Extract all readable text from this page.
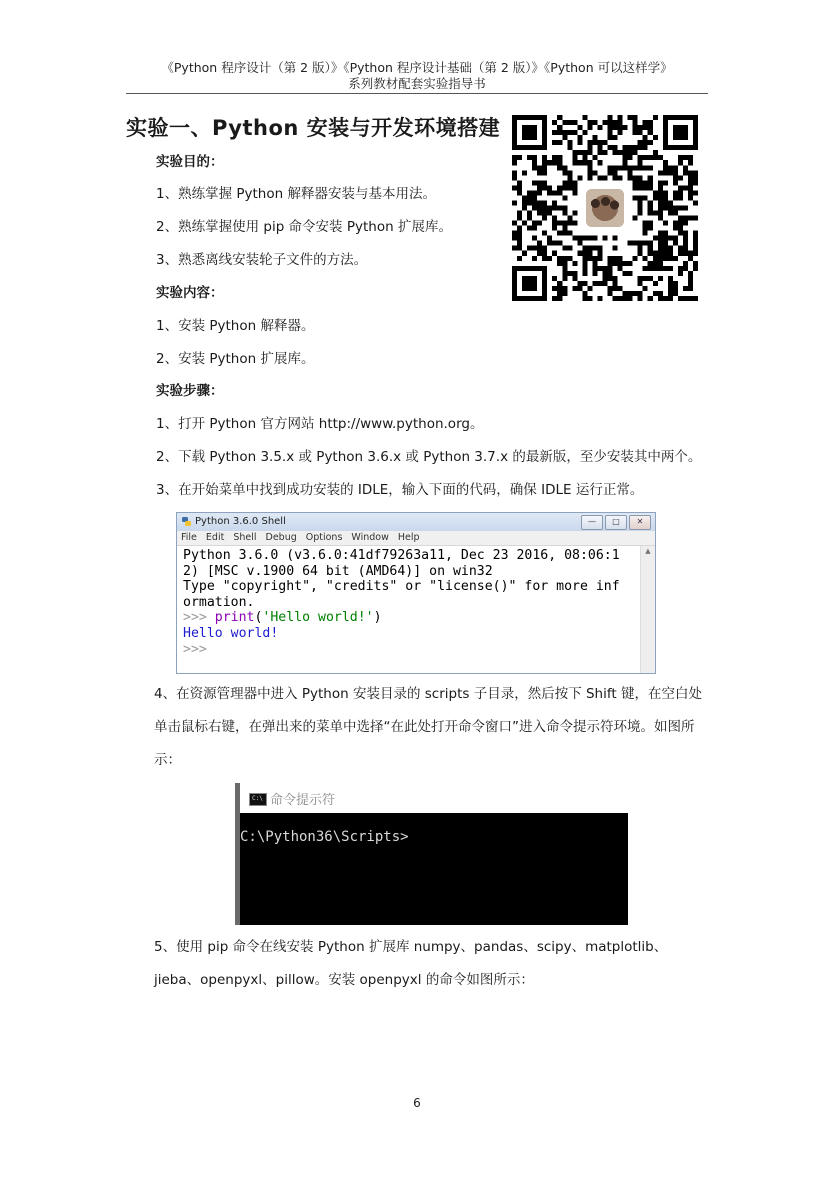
《Python 程序设计（第 2 版）》《Python 程序设计基础（第 2 版）》《Python 可以这样学》
系列教材配套实验指导书
实验一、Python 安装与开发环境搭建
实验目的：
1、熟练掌握 Python 解释器安装与基本用法。
2、熟练掌握使用 pip 命令安装 Python 扩展库。
3、熟悉离线安装轮子文件的方法。
实验内容：
1、安装 Python 解释器。
2、安装 Python 扩展库。
实验步骤：
1、打开 Python 官方网站 http://www.python.org。
2、下载 Python 3.5.x 或 Python 3.6.x 或 Python 3.7.x 的最新版，至少安装其中两个。
3、在开始菜单中找到成功安装的 IDLE，输入下面的代码，确保 IDLE 运行正常。
Python 3.6.0 Shell	—	□	✕
File Edit Shell Debug Options Window Help
Python 3.6.0 (v3.6.0:41df79263a11, Dec 23 2016, 08:06:1
2) [MSC v.1900 64 bit (AMD64)] on win32
Type "copyright", "credits" or "license()" for more inf
ormation.
>>> print('Hello world!')
Hello world!
>>>
▲
4、在资源管理器中进入 Python 安装目录的 scripts 子目录，然后按下 Shift 键，在空白处单击鼠标右键，在弹出来的菜单中选择“在此处打开命令窗口”进入命令提示符环境。如图所示：
C:\ 命令提示符
C:\Python36\Scripts>
5、使用 pip 命令在线安装 Python 扩展库 numpy、pandas、scipy、matplotlib、jieba、openpyxl、pillow。安装 openpyxl 的命令如图所示：
6
